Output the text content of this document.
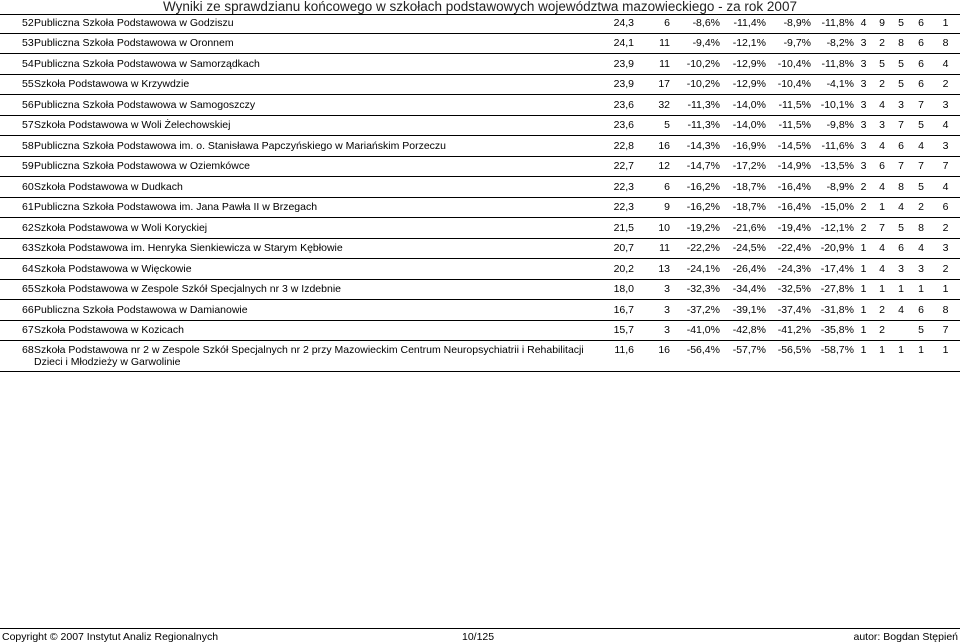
Wyniki ze sprawdzianu końcowego w szkołach podstawowych województwa mazowieckiego - za rok 2007
52	Publiczna Szkoła Podstawowa w Godziszu	24,3	6	-8,6%	-11,4%	-8,9%	-11,8%	4	9	5	6	1
53	Publiczna Szkoła Podstawowa w Oronnem	24,1	11	-9,4%	-12,1%	-9,7%	-8,2%	3	2	8	6	8
54	Publiczna Szkoła Podstawowa w Samorządkach	23,9	11	-10,2%	-12,9%	-10,4%	-11,8%	3	5	5	6	4
55	Szkoła Podstawowa w Krzywdzie	23,9	17	-10,2%	-12,9%	-10,4%	-4,1%	3	2	5	6	2
56	Publiczna Szkoła Podstawowa w Samogoszczy	23,6	32	-11,3%	-14,0%	-11,5%	-10,1%	3	4	3	7	3
57	Szkoła Podstawowa w Woli Żelechowskiej	23,6	5	-11,3%	-14,0%	-11,5%	-9,8%	3	3	7	5	4
58	Publiczna Szkoła Podstawowa im. o. Stanisława Papczyńskiego w Mariańskim Porzeczu	22,8	16	-14,3%	-16,9%	-14,5%	-11,6%	3	4	6	4	3
59	Publiczna Szkoła Podstawowa w Oziemkówce	22,7	12	-14,7%	-17,2%	-14,9%	-13,5%	3	6	7	7	7
60	Szkoła Podstawowa w Dudkach	22,3	6	-16,2%	-18,7%	-16,4%	-8,9%	2	4	8	5	4
61	Publiczna Szkoła Podstawowa im. Jana Pawła II w Brzegach	22,3	9	-16,2%	-18,7%	-16,4%	-15,0%	2	1	4	2	6
62	Szkoła Podstawowa w Woli Koryckiej	21,5	10	-19,2%	-21,6%	-19,4%	-12,1%	2	7	5	8	2
63	Szkoła Podstawowa im. Henryka Sienkiewicza w Starym Kębłowie	20,7	11	-22,2%	-24,5%	-22,4%	-20,9%	1	4	6	4	3
64	Szkoła Podstawowa w Więckowie	20,2	13	-24,1%	-26,4%	-24,3%	-17,4%	1	4	3	3	2
65	Szkoła Podstawowa w Zespole Szkół Specjalnych nr 3 w Izdebnie	18,0	3	-32,3%	-34,4%	-32,5%	-27,8%	1	1	1	1	1
66	Publiczna Szkoła Podstawowa w Damianowie	16,7	3	-37,2%	-39,1%	-37,4%	-31,8%	1	2	4	6	8
67	Szkoła Podstawowa w Kozicach	15,7	3	-41,0%	-42,8%	-41,2%	-35,8%	1	2		5	7
68	Szkoła Podstawowa nr 2 w Zespole Szkół Specjalnych nr 2 przy Mazowieckim Centrum Neuropsychiatrii i Rehabilitacji Dzieci i Młodzieży w Garwolinie	11,6	16	-56,4%	-57,7%	-56,5%	-58,7%	1	1	1	1	1
Copyright © 2007 Instytut Analiz Regionalnych	10/125	autor: Bogdan Stępień
